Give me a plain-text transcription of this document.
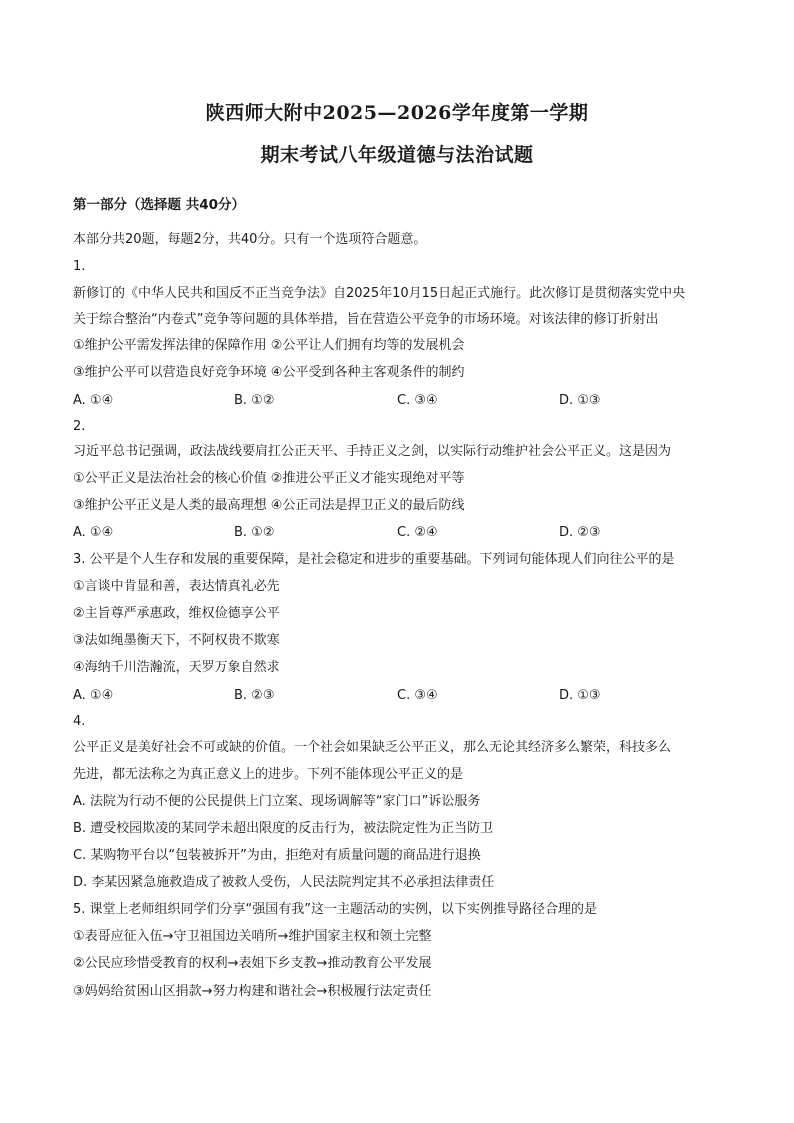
陕西师大附中2025—2026学年度第一学期
期末考试八年级道德与法治试题
第一部分（选择题 共40分）
本部分共20题，每题2分，共40分。只有一个选项符合题意。
1.
新修订的《中华人民共和国反不正当竞争法》自2025年10月15日起正式施行。此次修订是贯彻落实党中央
关于综合整治“内卷式”竞争等问题的具体举措，旨在营造公平竞争的市场环境。对该法律的修订折射出
①维护公平需发挥法律的保障作用 ②公平让人们拥有均等的发展机会
③维护公平可以营造良好竞争环境 ④公平受到各种主客观条件的制约
A. ①④	B. ①②	C. ③④	D. ①③
2.
习近平总书记强调，政法战线要肩扛公正天平、手持正义之剑，以实际行动维护社会公平正义。这是因为
①公平正义是法治社会的核心价值 ②推进公平正义才能实现绝对平等
③维护公平正义是人类的最高理想 ④公正司法是捍卫正义的最后防线
A. ①④	B. ①②	C. ②④	D. ②③
3. 公平是个人生存和发展的重要保障，是社会稳定和进步的重要基础。下列词句能体现人们向往公平的是
①言谈中肯显和善，表达情真礼必先
②主旨尊严承惠政，维权俭德享公平
③法如绳墨衡天下，不阿权贵不欺寒
④海纳千川浩瀚流，天罗万象自然求
A. ①④	B. ②③	C. ③④	D. ①③
4.
公平正义是美好社会不可或缺的价值。一个社会如果缺乏公平正义，那么无论其经济多么繁荣，科技多么
先进，都无法称之为真正意义上的进步。下列不能体现公平正义的是
A. 法院为行动不便的公民提供上门立案、现场调解等“家门口”诉讼服务
B. 遭受校园欺凌的某同学未超出限度的反击行为，被法院定性为正当防卫
C. 某购物平台以“包装被拆开”为由，拒绝对有质量问题的商品进行退换
D. 李某因紧急施救造成了被救人受伤，人民法院判定其不必承担法律责任
5. 课堂上老师组织同学们分享“强国有我”这一主题活动的实例，以下实例推导路径合理的是
①表哥应征入伍→守卫祖国边关哨所→维护国家主权和领土完整
②公民应珍惜受教育的权利→表姐下乡支教→推动教育公平发展
③妈妈给贫困山区捐款→努力构建和谐社会→积极履行法定责任
